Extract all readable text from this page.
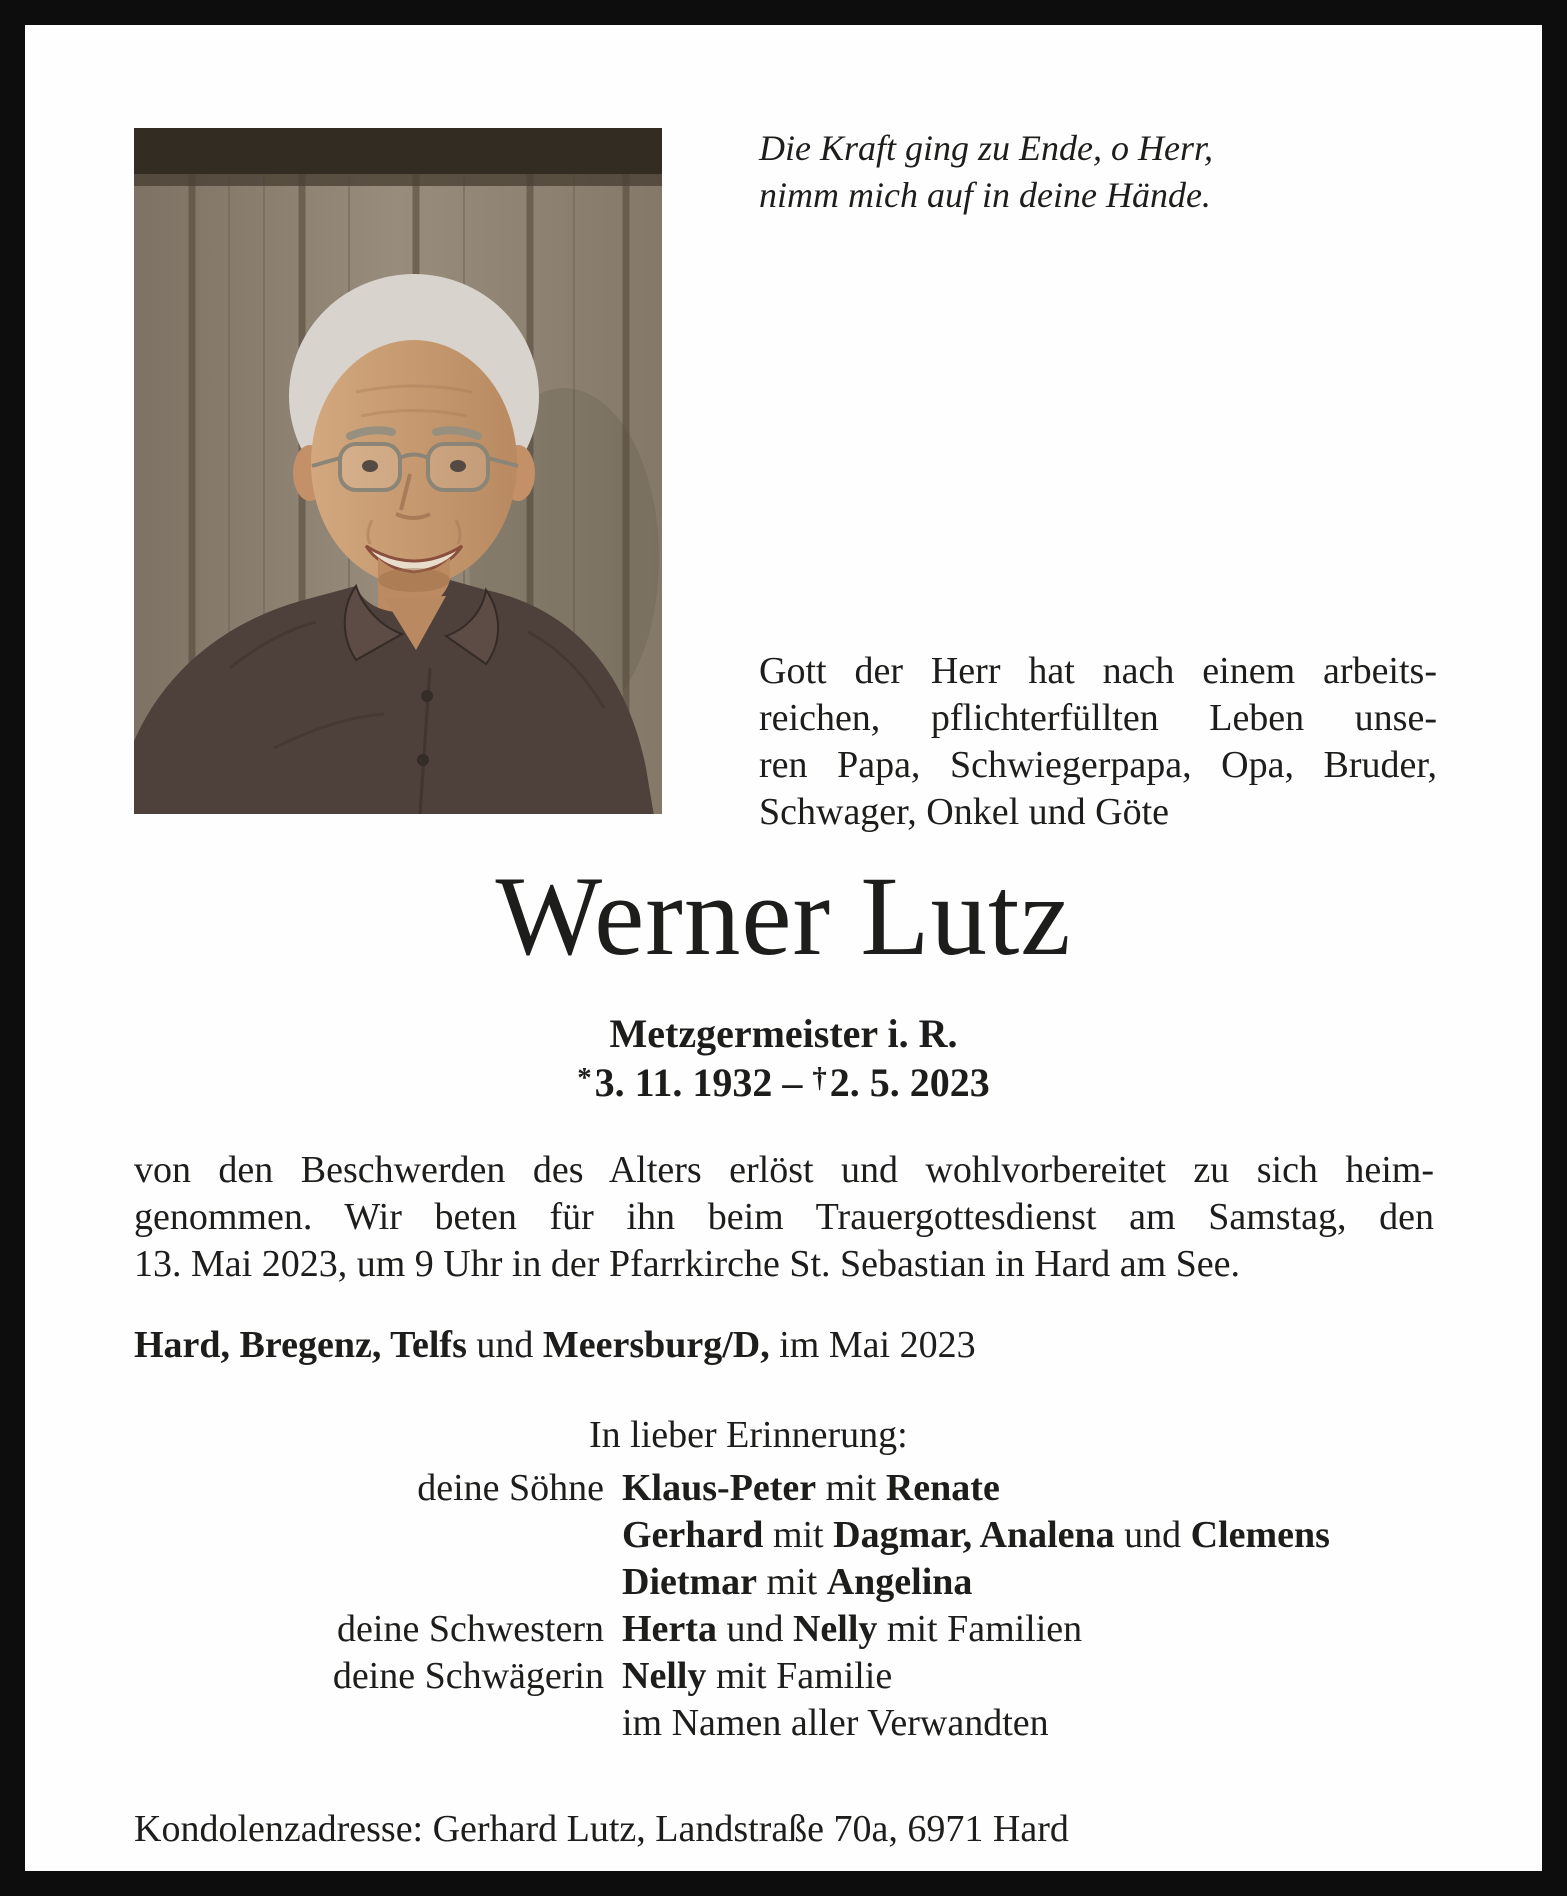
Die Kraft ging zu Ende, o Herr,
nimm mich auf in deine Hände.
Gott der Herr hat nach einem arbeits-
reichen, pflichterfüllten Leben unse-
ren Papa, Schwiegerpapa, Opa, Bruder,
Schwager, Onkel und Göte
Werner Lutz
Metzgermeister i. R.
*3. 11. 1932 – †2. 5. 2023
von den Beschwerden des Alters erlöst und wohlvorbereitet zu sich heim-
genommen. Wir beten für ihn beim Trauergottesdienst am Samstag, den
13. Mai 2023, um 9 Uhr in der Pfarrkirche St. Sebastian in Hard am See.
Hard, Bregenz, Telfs und Meersburg/D, im Mai 2023
In lieber Erinnerung:
deine Söhne Klaus-Peter mit Renate
Gerhard mit Dagmar, Analena und Clemens
Dietmar mit Angelina
deine Schwestern Herta und Nelly mit Familien
deine Schwägerin Nelly mit Familie
im Namen aller Verwandten
Kondolenzadresse: Gerhard Lutz, Landstraße 70a, 6971 Hard
